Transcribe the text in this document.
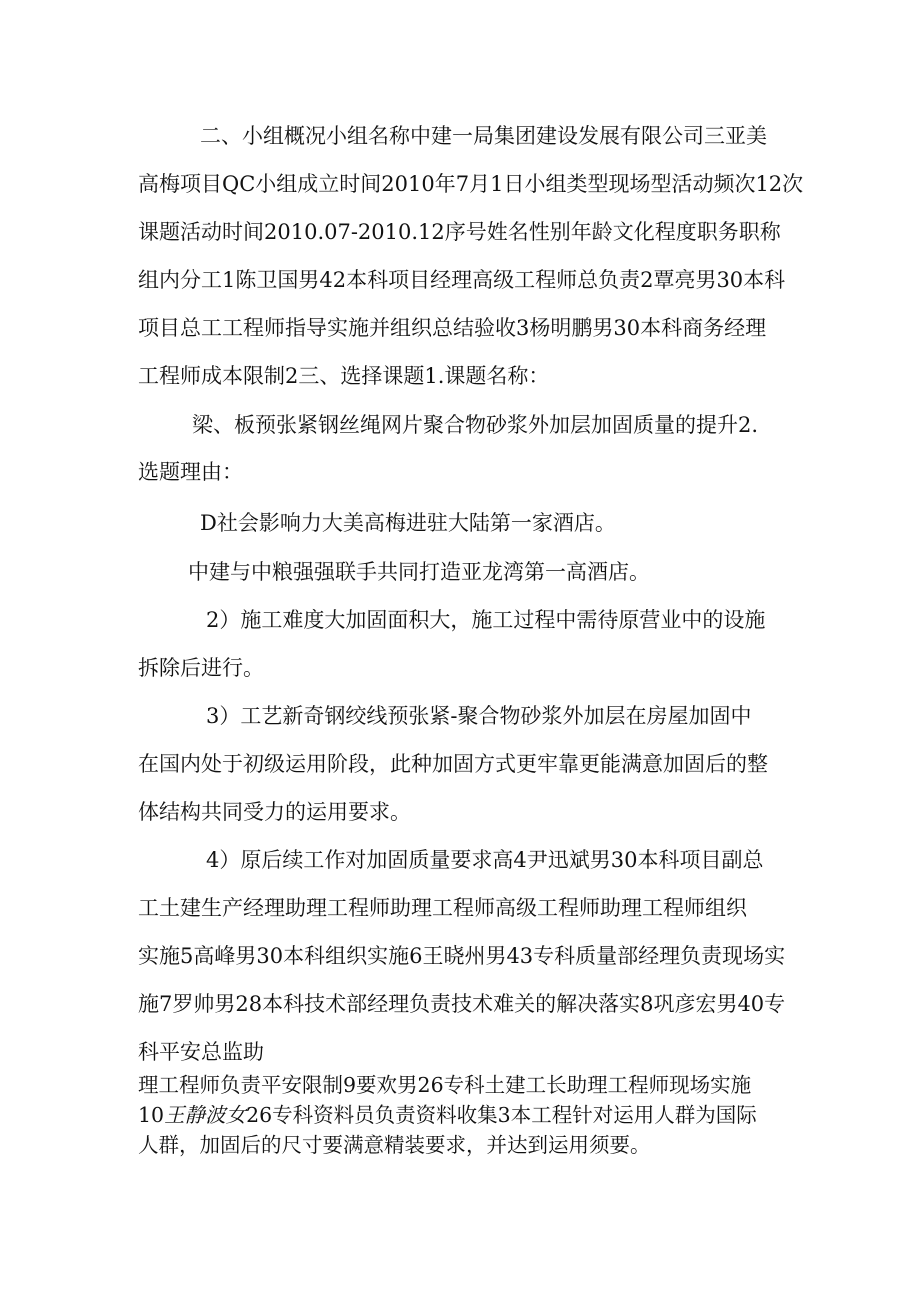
二、小组概况小组名称中建一局集团建设发展有限公司三亚美
高梅项目QC小组成立时间2010年7月1日小组类型现场型活动频次12次
课题活动时间2010.07-2010.12序号姓名性别年龄文化程度职务职称
组内分工1陈卫国男42本科项目经理高级工程师总负责2覃亮男30本科
项目总工工程师指导实施并组织总结验收3杨明鹏男30本科商务经理
工程师成本限制2三、选择课题1.课题名称：
梁、板预张紧钢丝绳网片聚合物砂浆外加层加固质量的提升2.
选题理由：
D社会影响力大美高梅进驻大陆第一家酒店。
中建与中粮强强联手共同打造亚龙湾第一高酒店。
2）施工难度大加固面积大，施工过程中需待原营业中的设施
拆除后进行。
3）工艺新奇钢绞线预张紧-聚合物砂浆外加层在房屋加固中
在国内处于初级运用阶段，此种加固方式更牢靠更能满意加固后的整
体结构共同受力的运用要求。
4）原后续工作对加固质量要求高4尹迅斌男30本科项目副总
工土建生产经理助理工程师助理工程师高级工程师助理工程师组织
实施5高峰男30本科组织实施6王晓州男43专科质量部经理负责现场实
施7罗帅男28本科技术部经理负责技术难关的解决落实8巩彦宏男40专
科平安总监助
理工程师负责平安限制9要欢男26专科土建工长助理工程师现场实施
10王静波女26专科资料员负责资料收集3本工程针对运用人群为国际
人群，加固后的尺寸要满意精装要求，并达到运用须要。
